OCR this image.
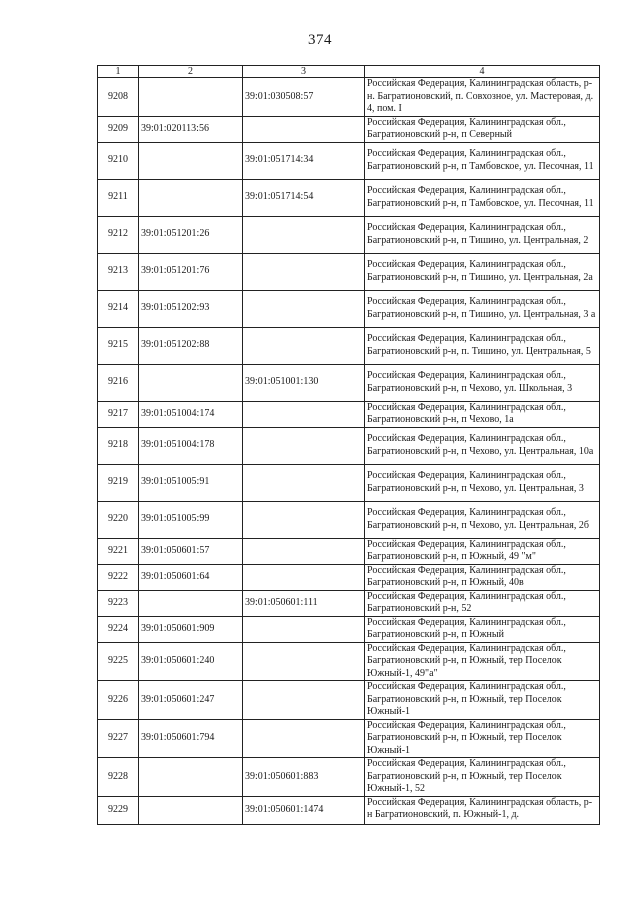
374
1	2	3	4
9208		39:01:030508:57	Российская Федерация, Калининградская область, р-н. Багратионовский, п. Совхозное, ул. Мастеровая, д. 4, пом. I
9209	39:01:020113:56		Российская Федерация, Калининградская обл., Багратионовский р-н, п Северный
9210		39:01:051714:34	Российская Федерация, Калининградская обл., Багратионовский р-н, п Тамбовское, ул. Песочная, 11
9211		39:01:051714:54	Российская Федерация, Калининградская обл., Багратионовский р-н, п Тамбовское, ул. Песочная, 11
9212	39:01:051201:26		Российская Федерация, Калининградская обл., Багратионовский р-н, п Тишино, ул. Центральная, 2
9213	39:01:051201:76		Российская Федерация, Калининградская обл., Багратионовский р-н, п Тишино, ул. Центральная, 2а
9214	39:01:051202:93		Российская Федерация, Калининградская обл., Багратионовский р-н, п Тишино, ул. Центральная, 3 а
9215	39:01:051202:88		Российская Федерация, Калининградская обл., Багратионовский р-н, п. Тишино, ул. Центральная, 5
9216		39:01:051001:130	Российская Федерация, Калининградская обл., Багратионовский р-н, п Чехово, ул. Школьная, 3
9217	39:01:051004:174		Российская Федерация, Калининградская обл., Багратионовский р-н, п Чехово, 1а
9218	39:01:051004:178		Российская Федерация, Калининградская обл., Багратионовский р-н, п Чехово, ул. Центральная, 10а
9219	39:01:051005:91		Российская Федерация, Калининградская обл., Багратионовский р-н, п Чехово, ул. Центральная, 3
9220	39:01:051005:99		Российская Федерация, Калининградская обл., Багратионовский р-н, п Чехово, ул. Центральная, 2б
9221	39:01:050601:57		Российская Федерация, Калининградская обл., Багратионовский р-н, п Южный, 49 "м"
9222	39:01:050601:64		Российская Федерация, Калининградская обл., Багратионовский р-н, п Южный, 40в
9223		39:01:050601:111	Российская Федерация, Калининградская обл., Багратионовский р-н, 52
9224	39:01:050601:909		Российская Федерация, Калининградская обл., Багратионовский р-н, п Южный
9225	39:01:050601:240		Российская Федерация, Калининградская обл., Багратионовский р-н, п Южный, тер Поселок Южный-1, 49"а"
9226	39:01:050601:247		Российская Федерация, Калининградская обл., Багратионовский р-н, п Южный, тер Поселок Южный-1
9227	39:01:050601:794		Российская Федерация, Калининградская обл., Багратионовский р-н, п Южный, тер Поселок Южный-1
9228		39:01:050601:883	Российская Федерация, Калининградская обл., Багратионовский р-н, п Южный, тер Поселок Южный-1, 52
9229		39:01:050601:1474	Российская Федерация, Калининградская область, р-н Багратионовский, п. Южный-1, д.
